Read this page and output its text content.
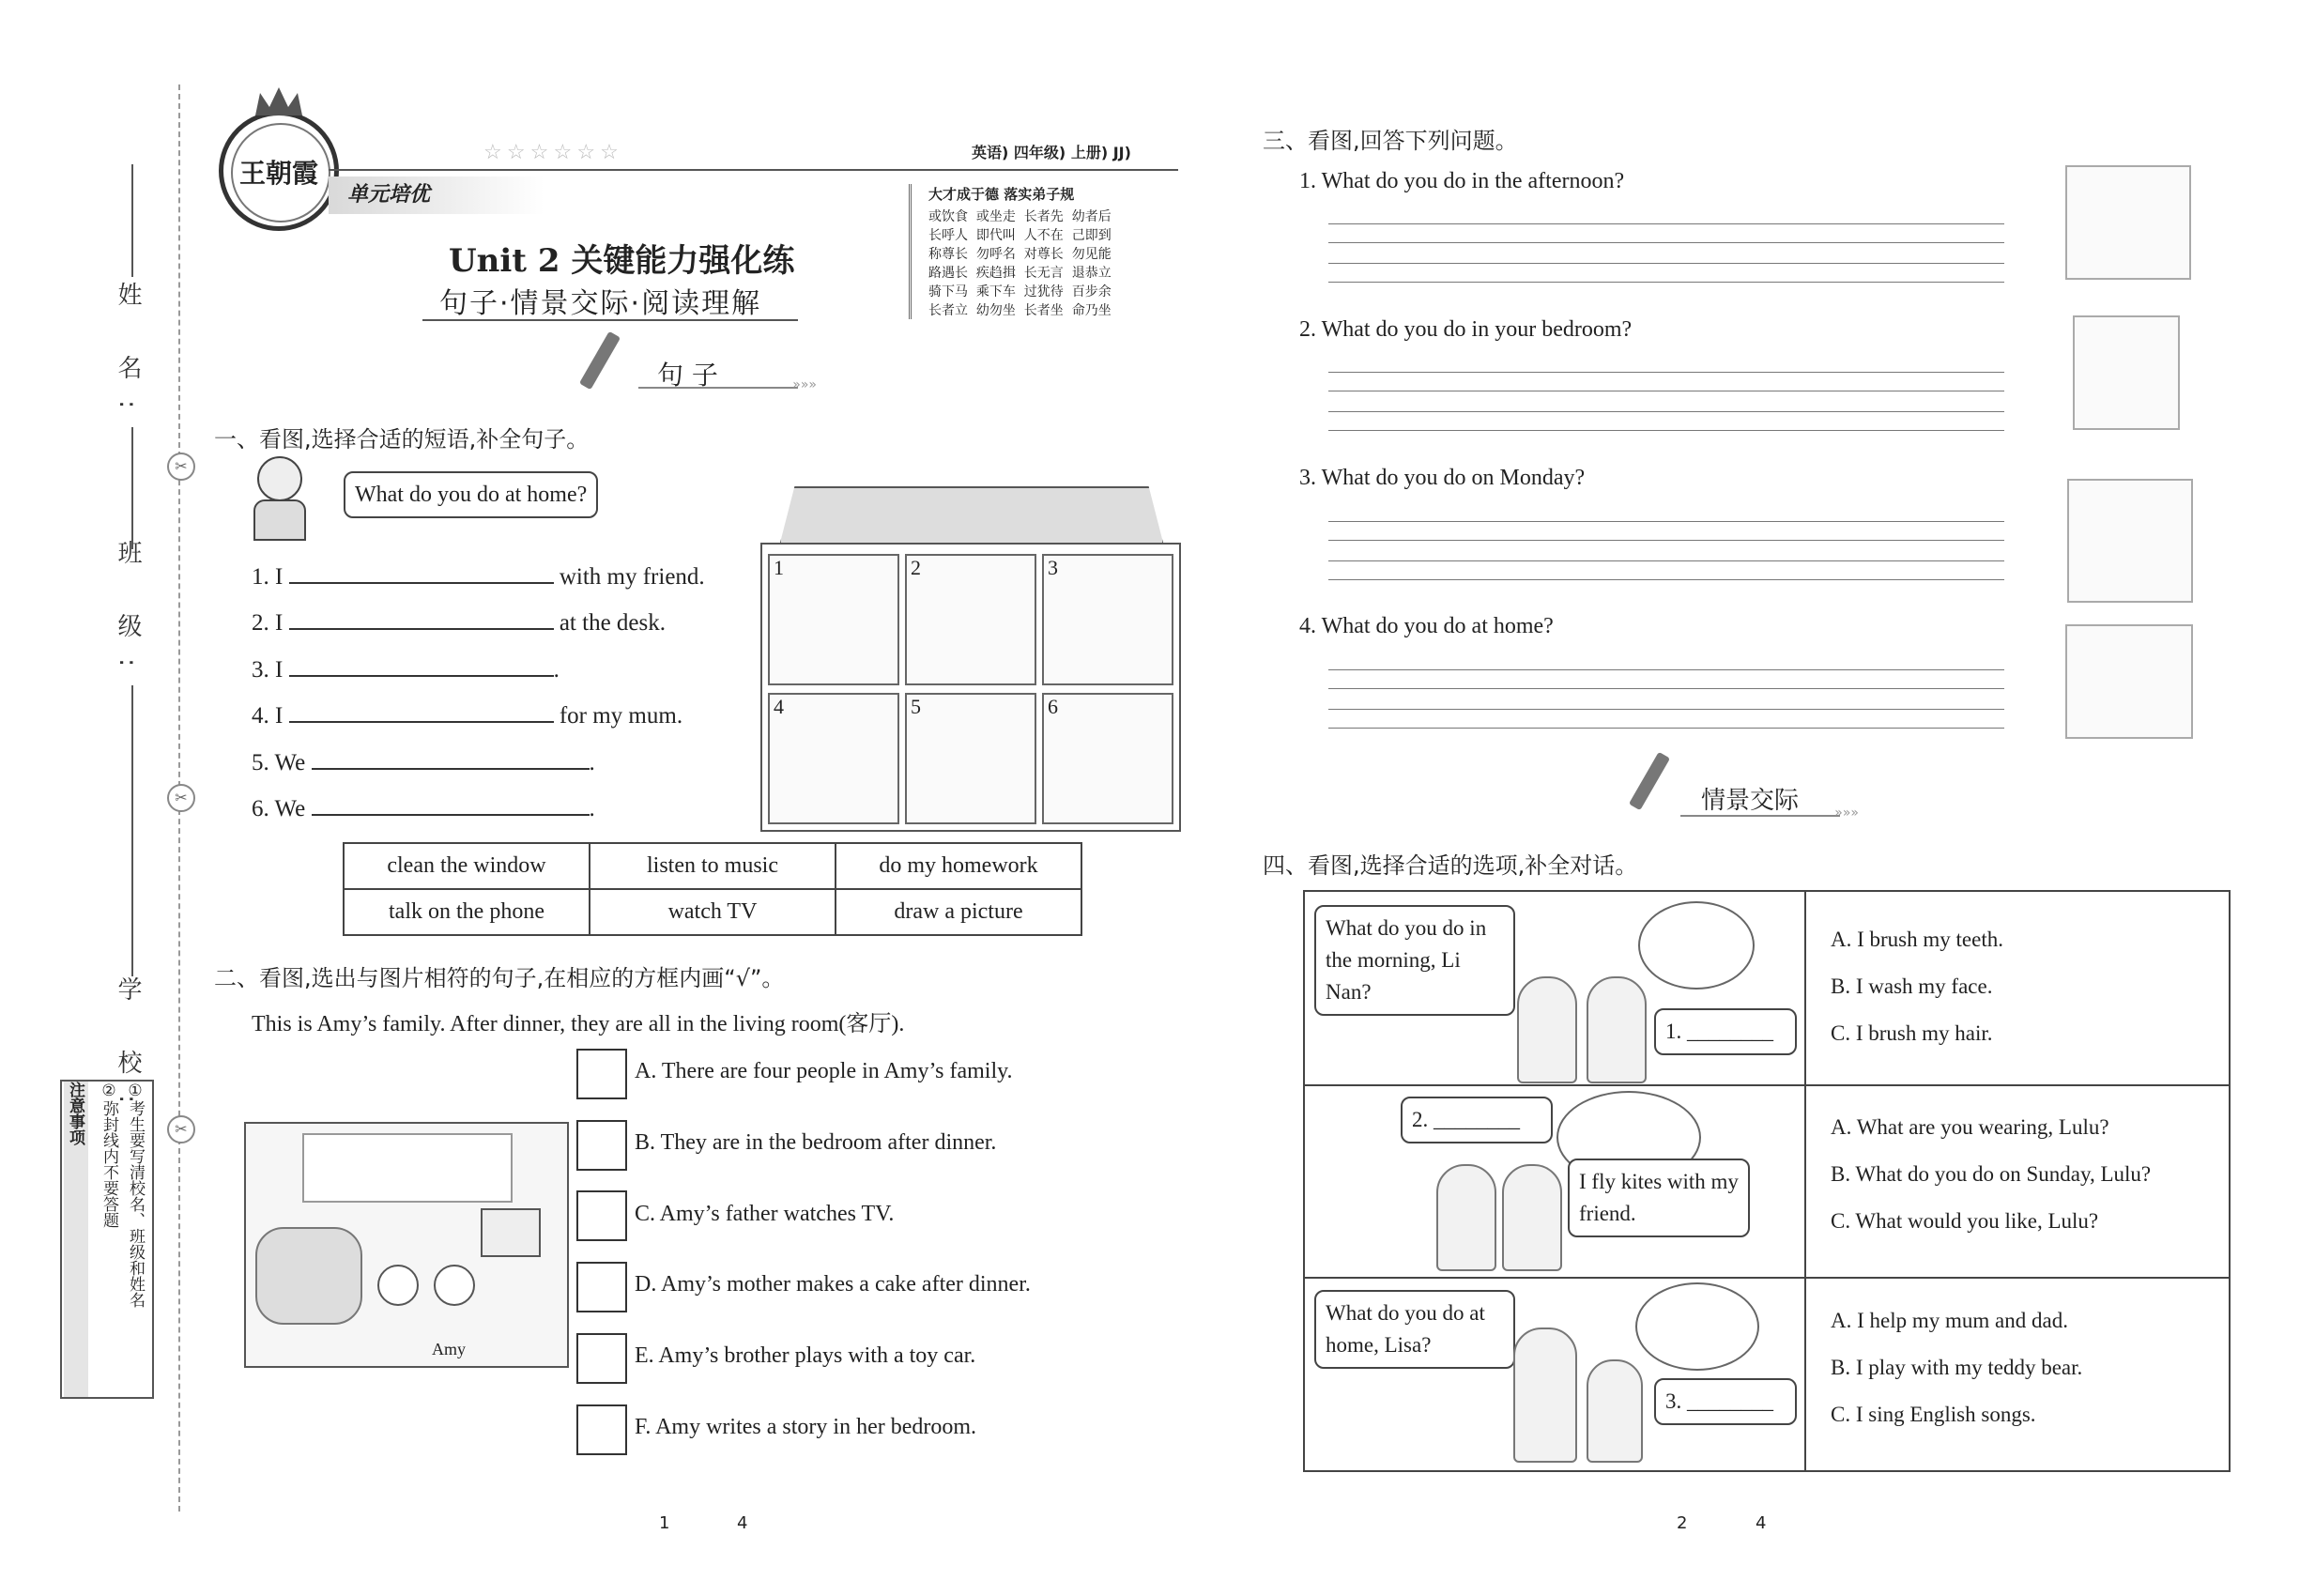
姓 名:
班 级:
学 校:
✂
✂
✂
注意事项	①考生要写清校名、班级和姓名
②弥封线内不要答题
王朝霞
☆ ☆ ☆ ☆ ☆ ☆
单元培优
英语) 四年级) 上册) JJ)
Unit 2 关键能力强化练
句子·情景交际·阅读理解
大才成于德 落实弟子规
或饮食  或坐走  长者先  幼者后
长呼人  即代叫  人不在  己即到
称尊长  勿呼名  对尊长  勿见能
路遇长  疾趋揖  长无言  退恭立
骑下马  乘下车  过犹待  百步余
长者立  幼勿坐  长者坐  命乃坐
句 子	»»»
一、看图,选择合适的短语,补全句子。
What do you do at home?
1. I	with my friend.
2. I	at the desk.
3. I	.
4. I	for my mum.
5. We	.
6. We	.
1	2	3
4	5	6
clean the window	listen to music	do my homework
talk on the phone	watch TV	draw a picture
二、看图,选出与图片相符的句子,在相应的方框内画“√”。
This is Amy’s family. After dinner, they are all in the living room(客厅).
Amy
A. There are four people in Amy’s family.
B. They are in the bedroom after dinner.
C. Amy’s father watches TV.
D. Amy’s mother makes a cake after dinner.
E. Amy’s brother plays with a toy car.
F. Amy writes a story in her bedroom.
三、看图,回答下列问题。
1. What do you do in the afternoon?
2. What do you do in your bedroom?
3. What do you do on Monday?
4. What do you do at home?
情景交际	»»»
四、看图,选择合适的选项,补全对话。
What do you do in the morning, Li Nan?
1. ________
A. I brush my teeth.
B. I wash my face.
C. I brush my hair.
2. ________
I fly kites with my friend.
A. What are you wearing, Lulu?
B. What do you do on Sunday, Lulu?
C. What would you like, Lulu?
What do you do at home, Lisa?
3. ________
A. I help my mum and dad.
B. I play with my teddy bear.
C. I sing English songs.
1	4	2	4
